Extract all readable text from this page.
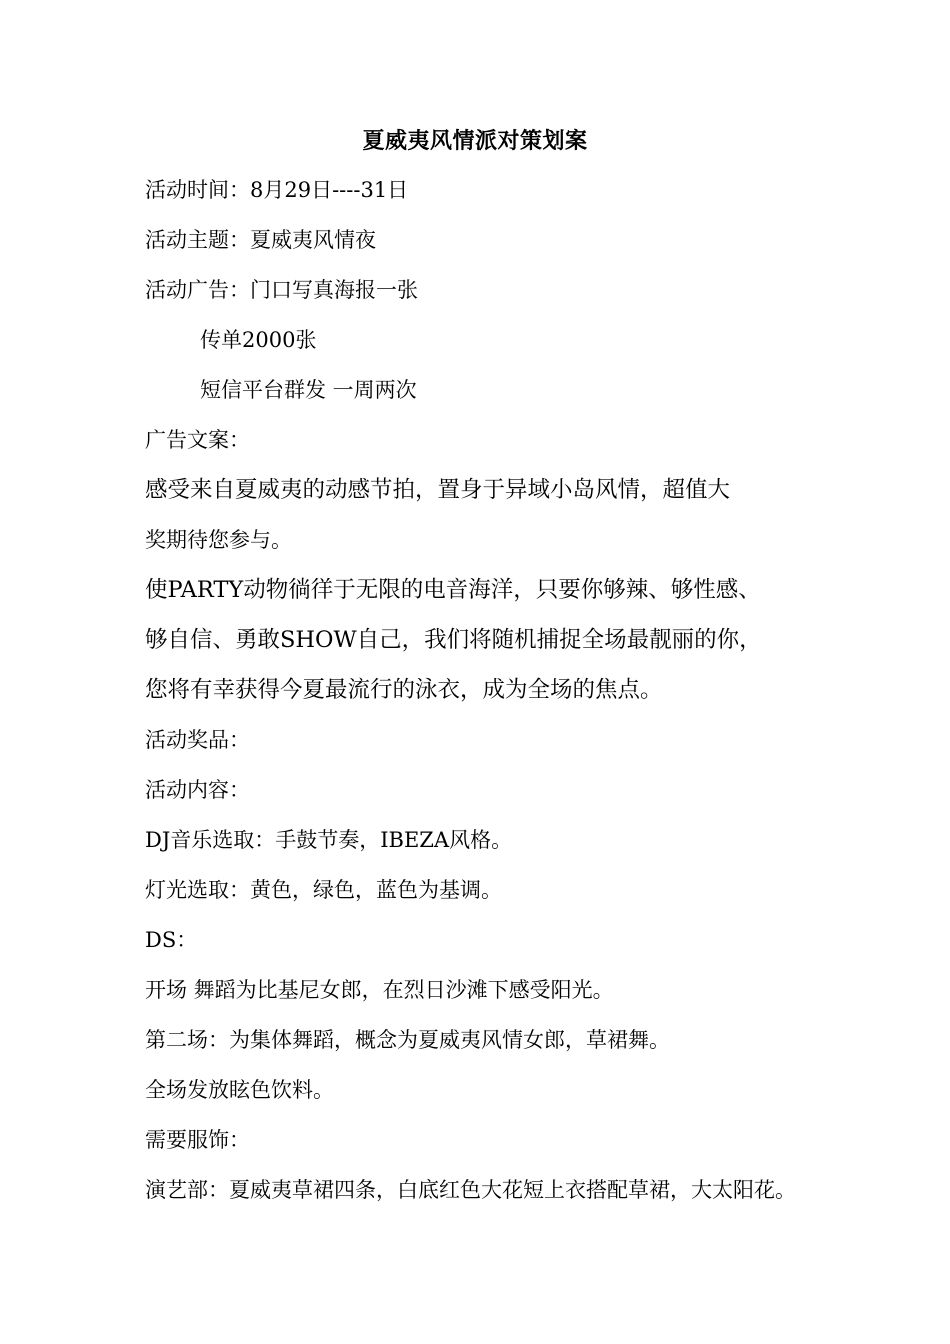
夏威夷风情派对策划案
活动时间：8月29日----31日
活动主题：夏威夷风情夜
活动广告：门口写真海报一张
传单2000张
短信平台群发 一周两次
广告文案：
感受来自夏威夷的动感节拍，置身于异域小岛风情，超值大
奖期待您参与。
使PARTY动物徜徉于无限的电音海洋，只要你够辣、够性感、
够自信、勇敢SHOW自己，我们将随机捕捉全场最靓丽的你，
您将有幸获得今夏最流行的泳衣，成为全场的焦点。
活动奖品：
活动内容：
DJ音乐选取：手鼓节奏，IBEZA风格。
灯光选取：黄色，绿色，蓝色为基调。
DS：
开场 舞蹈为比基尼女郎，在烈日沙滩下感受阳光。
第二场：为集体舞蹈，概念为夏威夷风情女郎，草裙舞。
全场发放眩色饮料。
需要服饰：
演艺部：夏威夷草裙四条，白底红色大花短上衣搭配草裙，大太阳花。
